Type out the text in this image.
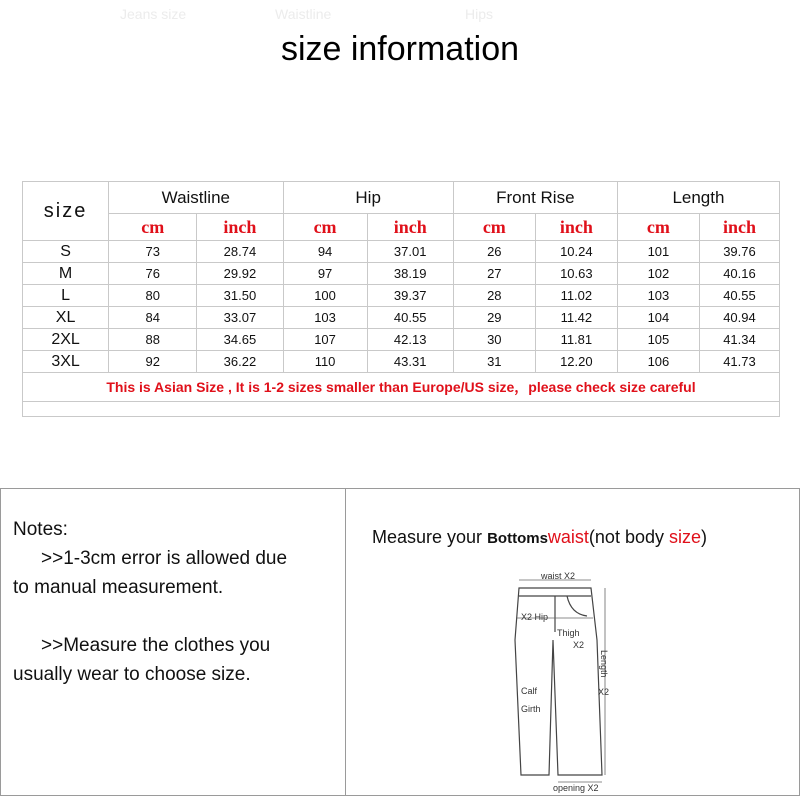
Jeans size	Waistline	Hips
size information
size	Waistline		Hip		Front Rise		Length	
	cm	inch	cm	inch	cm	inch	cm	inch
S	73	28.74	94	37.01	26	10.24	101	39.76
M	76	29.92	97	38.19	27	10.63	102	40.16
L	80	31.50	100	39.37	28	11.02	103	40.55
XL	84	33.07	103	40.55	29	11.42	104	40.94
2XL	88	34.65	107	42.13	30	11.81	105	41.34
3XL	92	36.22	110	43.31	31	12.20	106	41.73
This is Asian Size , It is 1-2 sizes smaller than Europe/US size，please check size careful								

Notes:

>>1-3cm error is allowed due

to manual measurement.

>>Measure the clothes you

usually wear to choose size.

Measure your Bottomswaist(not body size)
waist X2
X2 Hip
Thigh
X2
Calf
Girth
Length
X2
opening X2
